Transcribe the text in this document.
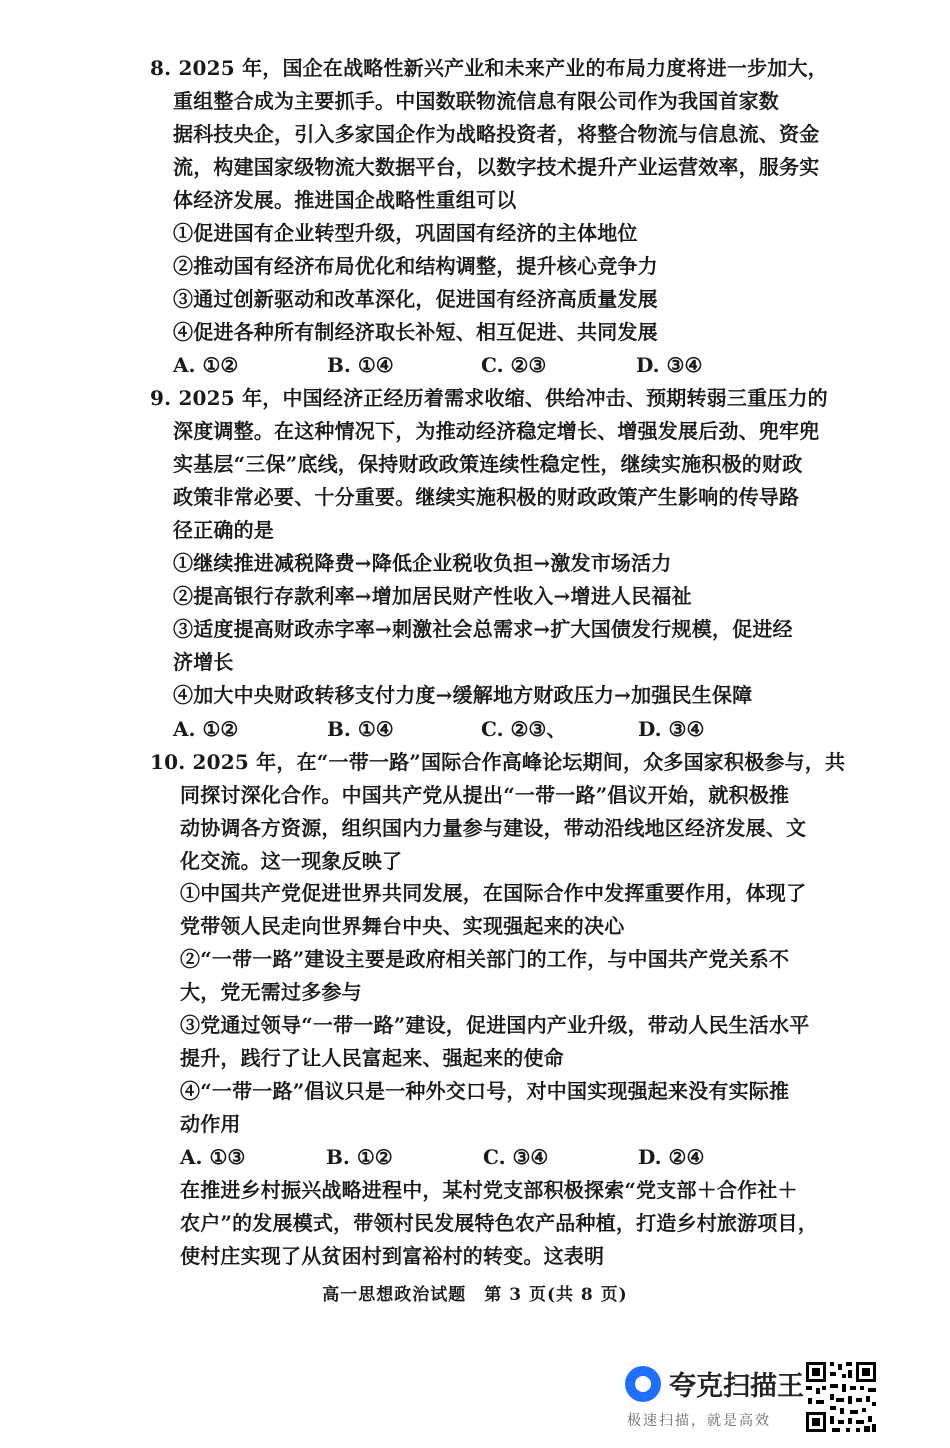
8. 2025 年，国企在战略性新兴产业和未来产业的布局力度将进一步加大，
重组整合成为主要抓手。中国数联物流信息有限公司作为我国首家数
据科技央企，引入多家国企作为战略投资者，将整合物流与信息流、资金
流，构建国家级物流大数据平台，以数字技术提升产业运营效率，服务实
体经济发展。推进国企战略性重组可以
①促进国有企业转型升级，巩固国有经济的主体地位
②推动国有经济布局优化和结构调整，提升核心竞争力
③通过创新驱动和改革深化，促进国有经济高质量发展
④促进各种所有制经济取长补短、相互促进、共同发展
A. ①②	B. ①④	C. ②③	D. ③④
9. 2025 年，中国经济正经历着需求收缩、供给冲击、预期转弱三重压力的
深度调整。在这种情况下，为推动经济稳定增长、增强发展后劲、兜牢兜
实基层“三保”底线，保持财政政策连续性稳定性，继续实施积极的财政
政策非常必要、十分重要。继续实施积极的财政政策产生影响的传导路
径正确的是
①继续推进减税降费→降低企业税收负担→激发市场活力
②提高银行存款利率→增加居民财产性收入→增进人民福祉
③适度提高财政赤字率→刺激社会总需求→扩大国债发行规模，促进经
济增长
④加大中央财政转移支付力度→缓解地方财政压力→加强民生保障
A. ①②	B. ①④	C. ②③、	D. ③④
10. 2025 年，在“一带一路”国际合作高峰论坛期间，众多国家积极参与，共
同探讨深化合作。中国共产党从提出“一带一路”倡议开始，就积极推
动协调各方资源，组织国内力量参与建设，带动沿线地区经济发展、文
化交流。这一现象反映了
①中国共产党促进世界共同发展，在国际合作中发挥重要作用，体现了
党带领人民走向世界舞台中央、实现强起来的决心
②“一带一路”建设主要是政府相关部门的工作，与中国共产党关系不
大，党无需过多参与
③党通过领导“一带一路”建设，促进国内产业升级，带动人民生活水平
提升，践行了让人民富起来、强起来的使命
④“一带一路”倡议只是一种外交口号，对中国实现强起来没有实际推
动作用
A. ①③	B. ①②	C. ③④	D. ②④
在推进乡村振兴战略进程中，某村党支部积极探索“党支部＋合作社＋
农户”的发展模式，带领村民发展特色农产品种植，打造乡村旅游项目，
使村庄实现了从贫困村到富裕村的转变。这表明
高一思想政治试题　第 3 页(共 8 页)
夸克扫描王
极速扫描，就是高效
